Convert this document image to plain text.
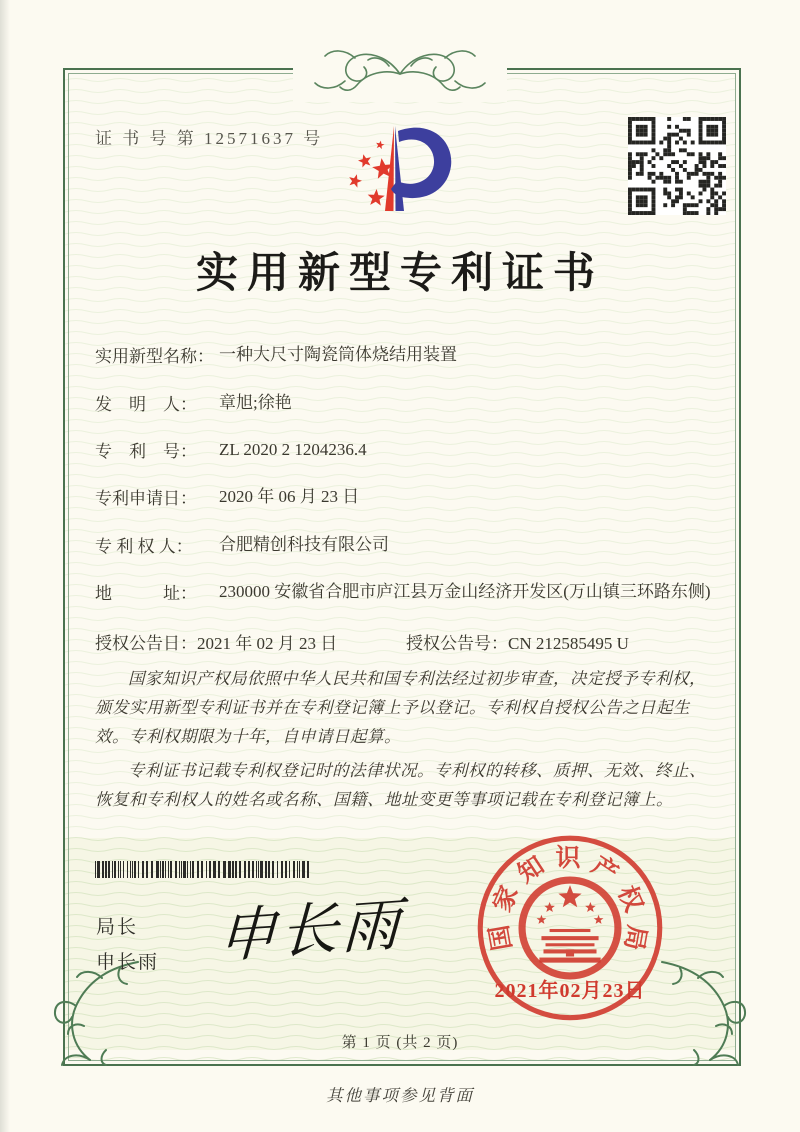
证 书 号 第 12571637 号
实用新型专利证书
实用新型名称： 一种大尺寸陶瓷筒体烧结用装置
发　明　人：	章旭;徐艳
专　利　号：	ZL 2020 2 1204236.4
专利申请日：	2020 年 06 月 23 日
专 利 权 人：	合肥精创科技有限公司
地　　　址：	230000 安徽省合肥市庐江县万金山经济开发区(万山镇三环路东侧)
授权公告日：2021 年 02 月 23 日	授权公告号：CN 212585495 U

国家知识产权局依照中华人民共和国专利法经过初步审查，决定授予专利权，颁发实用新型专利证书并在专利登记簿上予以登记。专利权自授权公告之日起生效。专利权期限为十年，自申请日起算。

专利证书记载专利权登记时的法律状况。专利权的转移、质押、无效、终止、恢复和专利权人的姓名或名称、国籍、地址变更等事项记载在专利登记簿上。

局长
申长雨 申长雨	国
家
知 识 产
权
局
2021年02月23日
第 1 页 (共 2 页)
其他事项参见背面
